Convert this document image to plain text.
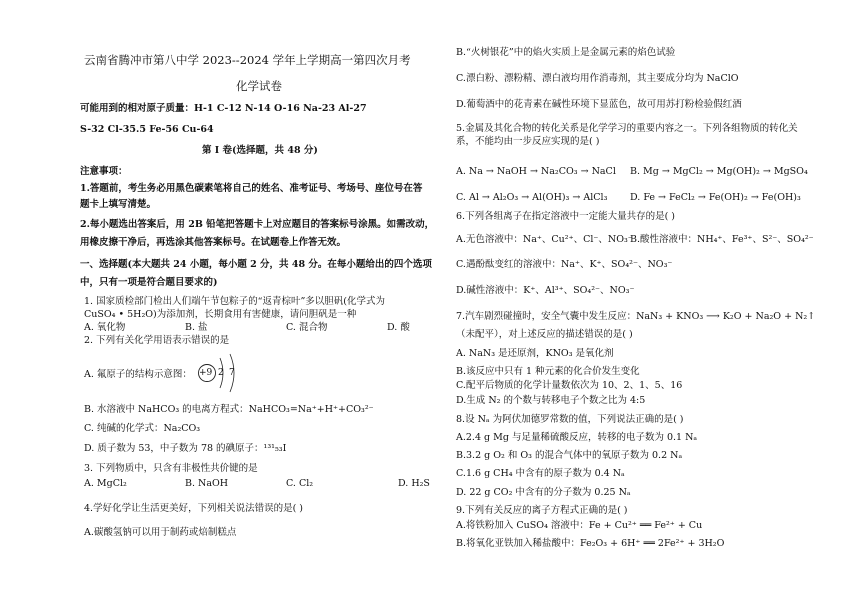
云南省腾冲市第八中学 2023--2024 学年上学期高一第四次月考
化学试卷
可能用到的相对原子质量：H-1 C-12 N-14 O-16 Na-23 Al-27
S-32 Cl-35.5 Fe-56 Cu-64
第 I 卷(选择题，共 48 分)
注意事项：
1.答题前，考生务必用黑色碳素笔将自己的姓名、准考证号、考场号、座位号在答
题卡上填写清楚。
2.每小题选出答案后，用 2B 铅笔把答题卡上对应题目的答案标号涂黑。如需改动，
用橡皮擦干净后，再选涂其他答案标号。在试题卷上作答无效。
一、选择题(本大题共 24 小题，每小题 2 分，共 48 分。在每小题给出的四个选项
中，只有一项是符合题目要求的)
1. 国家质检部门检出人们端午节包粽子的“返青棕叶”多以胆矾(化学式为
CuSO₄ • 5H₂O)为添加剂，长期食用有害健康，请问胆矾是一种
A. 氧化物	B. 盐	C. 混合物	D. 酸
2. 下列有关化学用语表示错误的是
A. 氟原子的结构示意图： +9 2 7
B. 水溶液中 NaHCO₃ 的电离方程式：NaHCO₃=Na⁺+H⁺+CO₃²⁻
C. 纯碱的化学式：Na₂CO₃
D. 质子数为 53，中子数为 78 的碘原子：¹³¹₅₃I
3. 下列物质中，只含有非极性共价键的是
A. MgCl₂	B. NaOH	C. Cl₂	D. H₂S
4.学好化学让生活更美好，下列相关说法错误的是( )
A.碳酸氢钠可以用于制药或焙制糕点
B.“火树银花”中的焰火实质上是金属元素的焰色试验
C.漂白粉、漂粉精、漂白液均用作消毒剂，其主要成分均为 NaClO
D.葡萄酒中的花青素在碱性环境下显蓝色，故可用苏打粉检验假红酒
5.金属及其化合物的转化关系是化学学习的重要内容之一。下列各组物质的转化关
系，不能均由一步反应实现的是( )
A. Na → NaOH → Na₂CO₃ → NaCl B. Mg → MgCl₂ → Mg(OH)₂ → MgSO₄
C. Al → Al₂O₃ → Al(OH)₃ → AlCl₃ D. Fe → FeCl₂ → Fe(OH)₂ → Fe(OH)₃
6.下列各组离子在指定溶液中一定能大量共存的是( )
A.无色溶液中：Na⁺、Cu²⁺、Cl⁻、NO₃⁻
B.酸性溶液中：NH₄⁺、Fe³⁺、S²⁻、SO₄²⁻
C.遇酚酞变红的溶液中：Na⁺、K⁺、SO₄²⁻、NO₃⁻
D.碱性溶液中：K⁺、Al³⁺、SO₄²⁻、NO₃⁻
7.汽车剧烈碰撞时，安全气囊中发生反应：NaN₃ + KNO₃ ⟶ K₂O + Na₂O + N₂↑
（未配平），对上述反应的描述错误的是( )
A. NaN₃ 是还原剂，KNO₃ 是氧化剂
B.该反应中只有 1 种元素的化合价发生变化
C.配平后物质的化学计量数依次为 10、2、1、5、16
D.生成 N₂ 的个数与转移电子个数之比为 4:5
8.设 Nₐ 为阿伏加德罗常数的值，下列说法正确的是( )
A.2.4 g Mg 与足量稀硫酸反应，转移的电子数为 0.1 Nₐ
B.3.2 g O₂ 和 O₃ 的混合气体中的氧原子数为 0.2 Nₐ
C.1.6 g CH₄ 中含有的原子数为 0.4 Nₐ
D. 22 g CO₂ 中含有的分子数为 0.25 Nₐ
9.下列有关反应的离子方程式正确的是( )
A.将铁粉加入 CuSO₄ 溶液中：Fe + Cu²⁺ ══ Fe²⁺ + Cu
B.将氧化亚铁加入稀盐酸中：Fe₂O₃ + 6H⁺ ══ 2Fe²⁺ + 3H₂O
